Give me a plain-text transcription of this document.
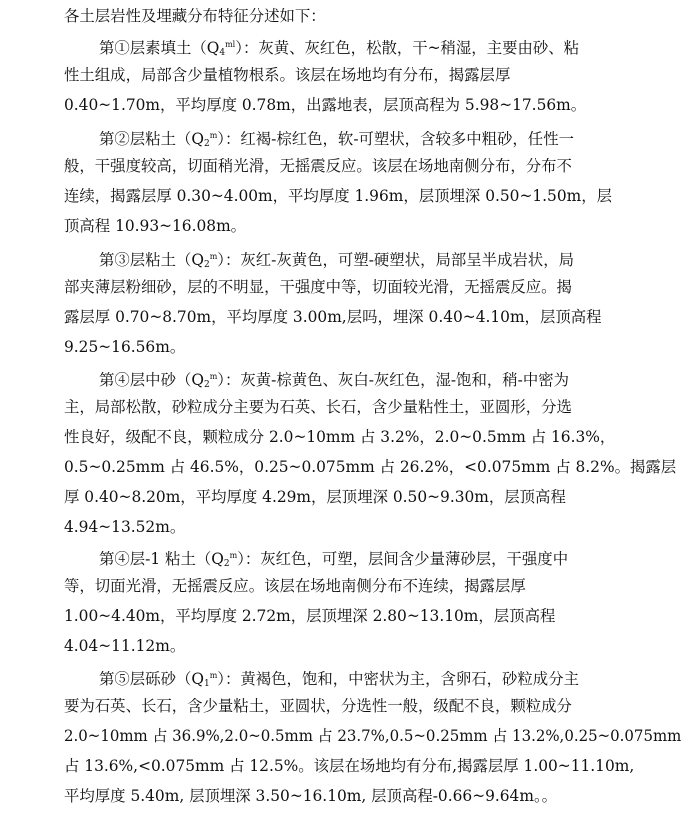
各土层岩性及埋藏分布特征分述如下：
第①层素填土$(Q_4^{ml})$：灰黄、灰红色，松散，干~稍湿，主要由砂、粘
性土组成，局部含少量植物根系。该层在场地均有分布，揭露层厚
0.40~1.70m，平均厚度 0.78m，出露地表，层顶高程为 5.98~17.56m。
第②层粘土$(Q_2^m)$：红褐-棕红色，软-可塑状，含较多中粗砂，任性一
般，干强度较高，切面稍光滑，无摇震反应。该层在场地南侧分布，分布不
连续，揭露层厚 0.30~4.00m，平均厚度 1.96m，层顶埋深 0.50~1.50m，层
顶高程 10.93~16.08m。
第③层粘土$(Q_2^m)$：灰红-灰黄色，可塑-硬塑状，局部呈半成岩状，局
部夹薄层粉细砂，层的不明显，干强度中等，切面较光滑，无摇震反应。揭
露层厚 0.70~8.70m，平均厚度 3.00m,层吗，埋深 0.40~4.10m，层顶高程
9.25~16.56m。
第④层中砂$(Q_2^m)$：灰黄-棕黄色、灰白-灰红色，湿-饱和，稍-中密为
主，局部松散，砂粒成分主要为石英、长石，含少量粘性土，亚圆形，分选
性良好，级配不良，颗粒成分 2.0~10mm 占 3.2%，2.0~0.5mm 占 16.3%，
0.5~0.25mm 占 46.5%，0.25~0.075mm 占 26.2%，<0.075mm 占 8.2%。揭露层
厚 0.40~8.20m，平均厚度 4.29m，层顶埋深 0.50~9.30m，层顶高程
4.94~13.52m。
第④层-1 粘土$(Q_2^m)$：灰红色，可塑，层间含少量薄砂层，干强度中
等，切面光滑，无摇震反应。该层在场地南侧分布不连续，揭露层厚
1.00~4.40m，平均厚度 2.72m，层顶埋深 2.80~13.10m，层顶高程
4.04~11.12m。
第⑤层砾砂$(Q_1^m)$：黄褐色，饱和，中密状为主，含卵石，砂粒成分主
要为石英、长石，含少量粘土，亚圆状，分选性一般，级配不良，颗粒成分
2.0~10mm 占 36.9%,2.0~0.5mm 占 23.7%,0.5~0.25mm 占 13.2%,0.25~0.075mm
占 13.6%,<0.075mm 占 12.5%。该层在场地均有分布,揭露层厚 1.00~11.10m,
平均厚度 5.40m, 层顶埋深 3.50~16.10m, 层顶高程-0.66~9.64m。。
